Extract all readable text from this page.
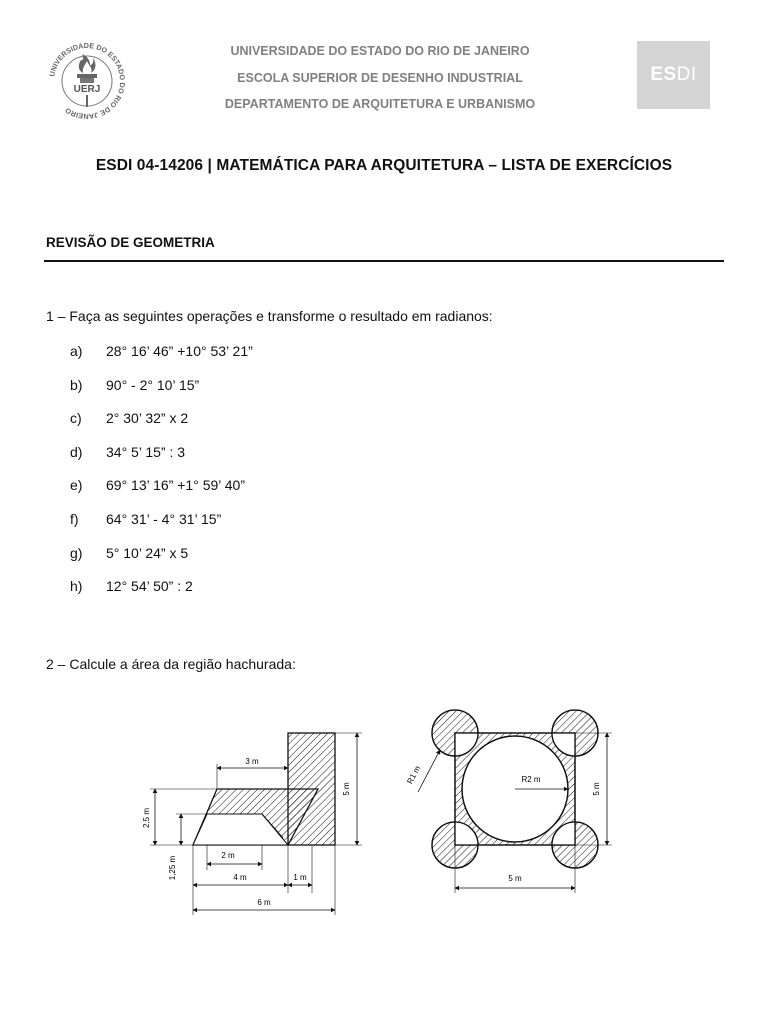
UNIVERSIDADE DO ESTADO DO RIO DE JANEIRO
UERJ
UNIVERSIDADE DO ESTADO DO RIO DE JANEIRO
ESCOLA SUPERIOR DE DESENHO INDUSTRIAL
DEPARTAMENTO DE ARQUITETURA E URBANISMO
ES DI
ESDI 04-14206 | MATEMÁTICA PARA ARQUITETURA – LISTA DE EXERCÍCIOS
REVISÃO DE GEOMETRIA
1 – Faça as seguintes operações e transforme o resultado em radianos:
a)	28° 16’ 46” +10° 53’ 21”
b)	90° - 2° 10’ 15”
c)	2° 30’ 32” x 2
d)	34° 5’ 15” : 3
e)	69° 13’ 16” +1° 59’ 40”
f)	64° 31’ - 4° 31’ 15”
g)	5° 10’ 24” x 5
h)	12° 54’ 50” : 2
2 – Calcule a área da região hachurada:
3 m
5 m
2,5 m
1,25 m
2 m
4 m	1 m
6 m
R1 m	R2 m
5 m
5 m
